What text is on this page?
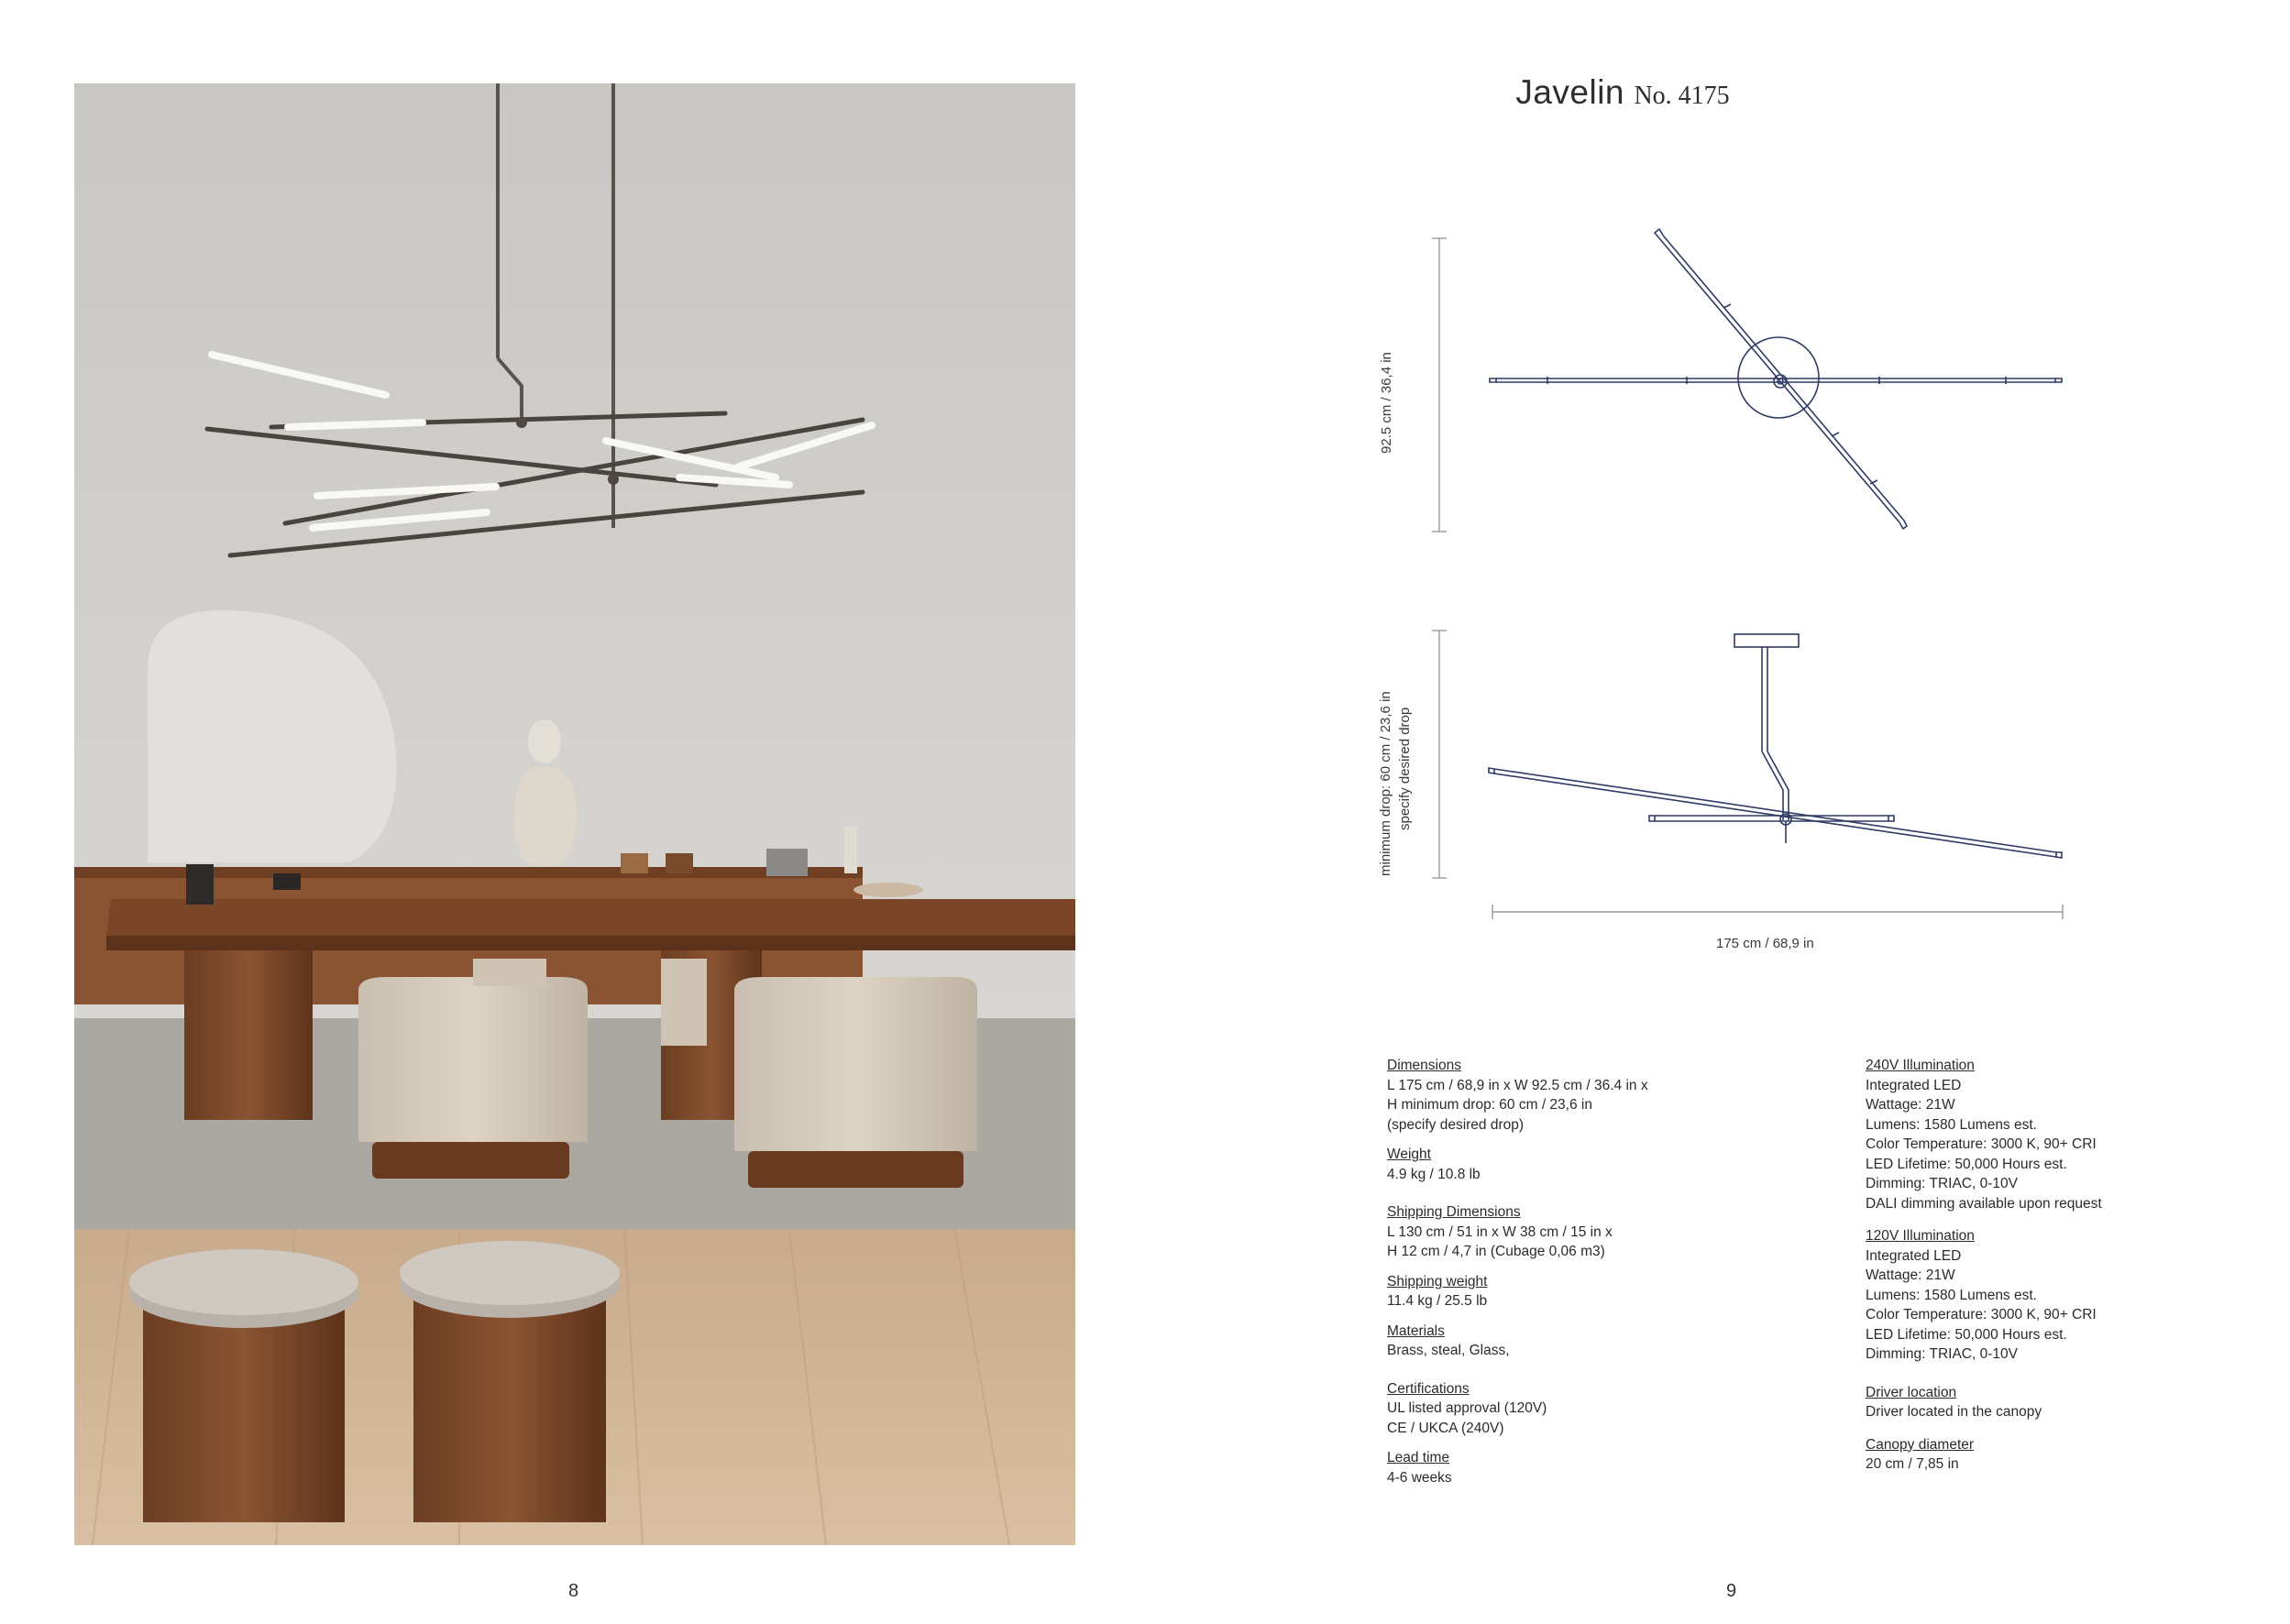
8
Javelin No. 4175
92.5 cm / 36,4 in
minimum drop: 60 cm / 23,6 in specify desired drop
175 cm / 68,9 in
Dimensions
L 175 cm / 68,9 in x W 92.5 cm / 36.4 in x
H minimum drop: 60 cm / 23,6 in
(specify desired drop)
Weight
4.9 kg / 10.8 lb
Shipping Dimensions
L 130 cm / 51 in x W 38 cm / 15 in x
H 12 cm / 4,7 in (Cubage 0,06 m3)
Shipping weight
11.4 kg / 25.5 lb
Materials
Brass, steal, Glass,
Certifications
UL listed approval (120V)
CE / UKCA (240V)
Lead time
4-6 weeks
240V Illumination
Integrated LED
Wattage: 21W
Lumens: 1580 Lumens est.
Color Temperature: 3000 K, 90+ CRI
LED Lifetime: 50,000 Hours est.
Dimming: TRIAC, 0-10V
DALI dimming available upon request
120V Illumination
Integrated LED
Wattage: 21W
Lumens: 1580 Lumens est.
Color Temperature: 3000 K, 90+ CRI
LED Lifetime: 50,000 Hours est.
Dimming: TRIAC, 0-10V
Driver location
Driver located in the canopy
Canopy diameter
20 cm / 7,85 in
9
